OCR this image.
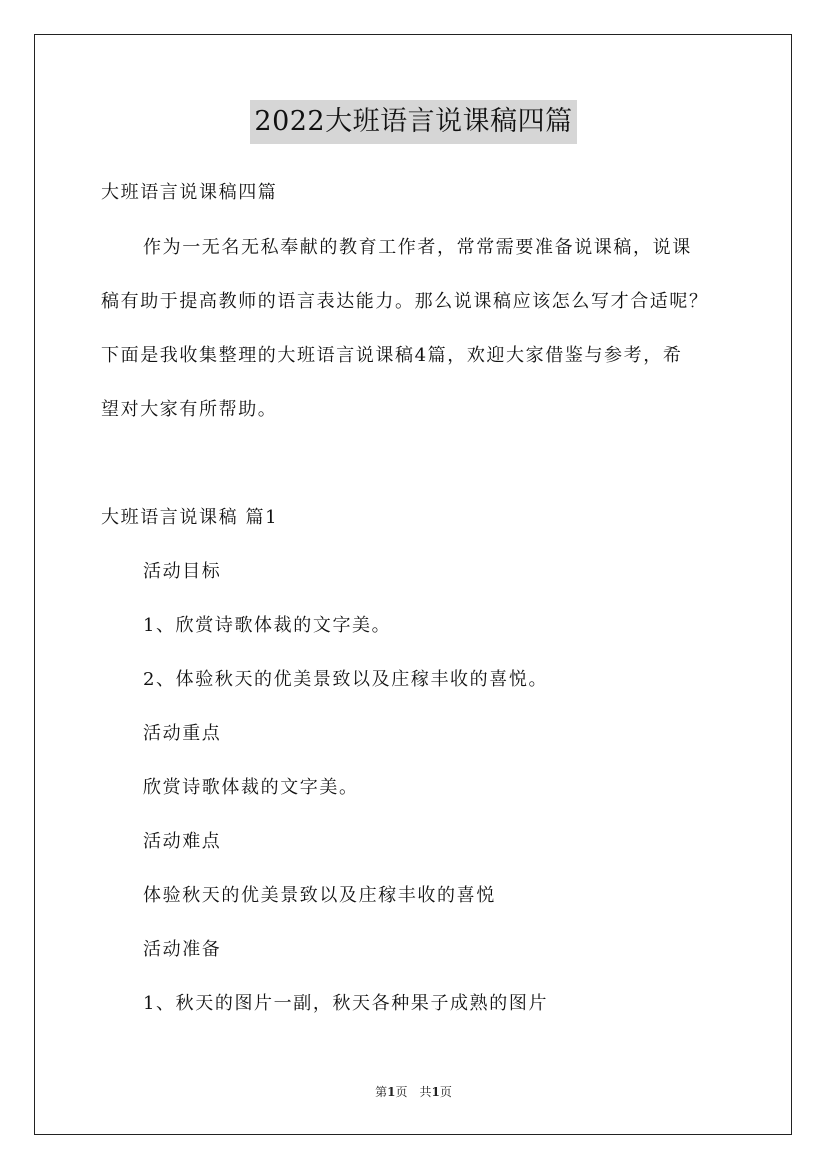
2022大班语言说课稿四篇
大班语言说课稿四篇
作为一无名无私奉献的教育工作者，常常需要准备说课稿，说课
稿有助于提高教师的语言表达能力。那么说课稿应该怎么写才合适呢？
下面是我收集整理的大班语言说课稿4篇，欢迎大家借鉴与参考，希
望对大家有所帮助。
大班语言说课稿 篇1
活动目标
1、欣赏诗歌体裁的文字美。
2、体验秋天的优美景致以及庄稼丰收的喜悦。
活动重点
欣赏诗歌体裁的文字美。
活动难点
体验秋天的优美景致以及庄稼丰收的喜悦
活动准备
1、秋天的图片一副，秋天各种果子成熟的图片
第1页　共1页
